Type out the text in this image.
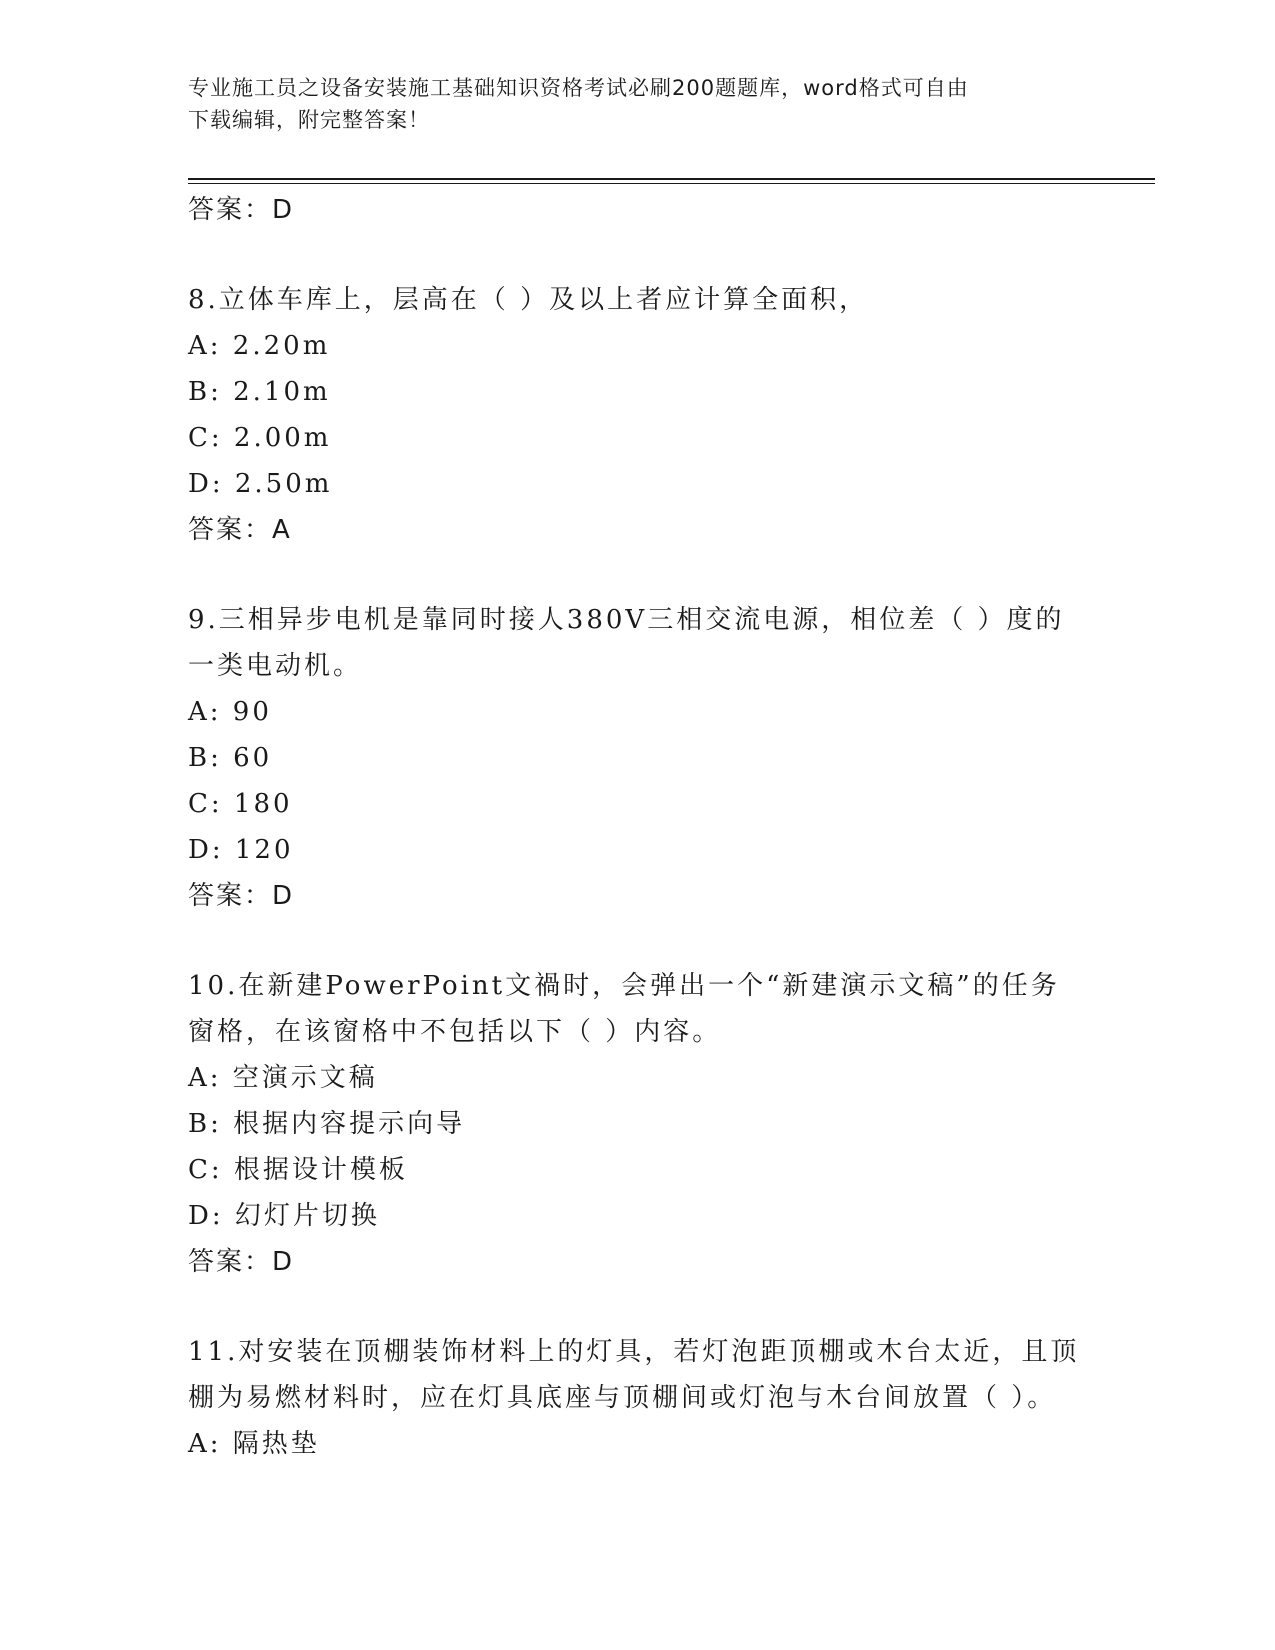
专业施工员之设备安装施工基础知识资格考试必刷200题题库，word格式可自由
下载编辑，附完整答案！
答案：D
8.立体车库上，层高在（ ）及以上者应计算全面积，
A: 2.20m
B: 2.10m
C: 2.00m
D: 2.50m
答案：A
9.三相异步电机是靠同时接人380V三相交流电源，相位差（ ）度的
一类电动机。
A: 90
B: 60
C: 180
D: 120
答案：D
10.在新建PowerPoint文禍时，会弹出一个“新建演示文稿”的任务
窗格，在该窗格中不包括以下（ ）内容。
A: 空演示文稿
B: 根据内容提示向导
C: 根据设计模板
D: 幻灯片切换
答案：D
11.对安装在顶棚装饰材料上的灯具，若灯泡距顶棚或木台太近，且顶
棚为易燃材料时，应在灯具底座与顶棚间或灯泡与木台间放置（ ）。
A: 隔热垫
